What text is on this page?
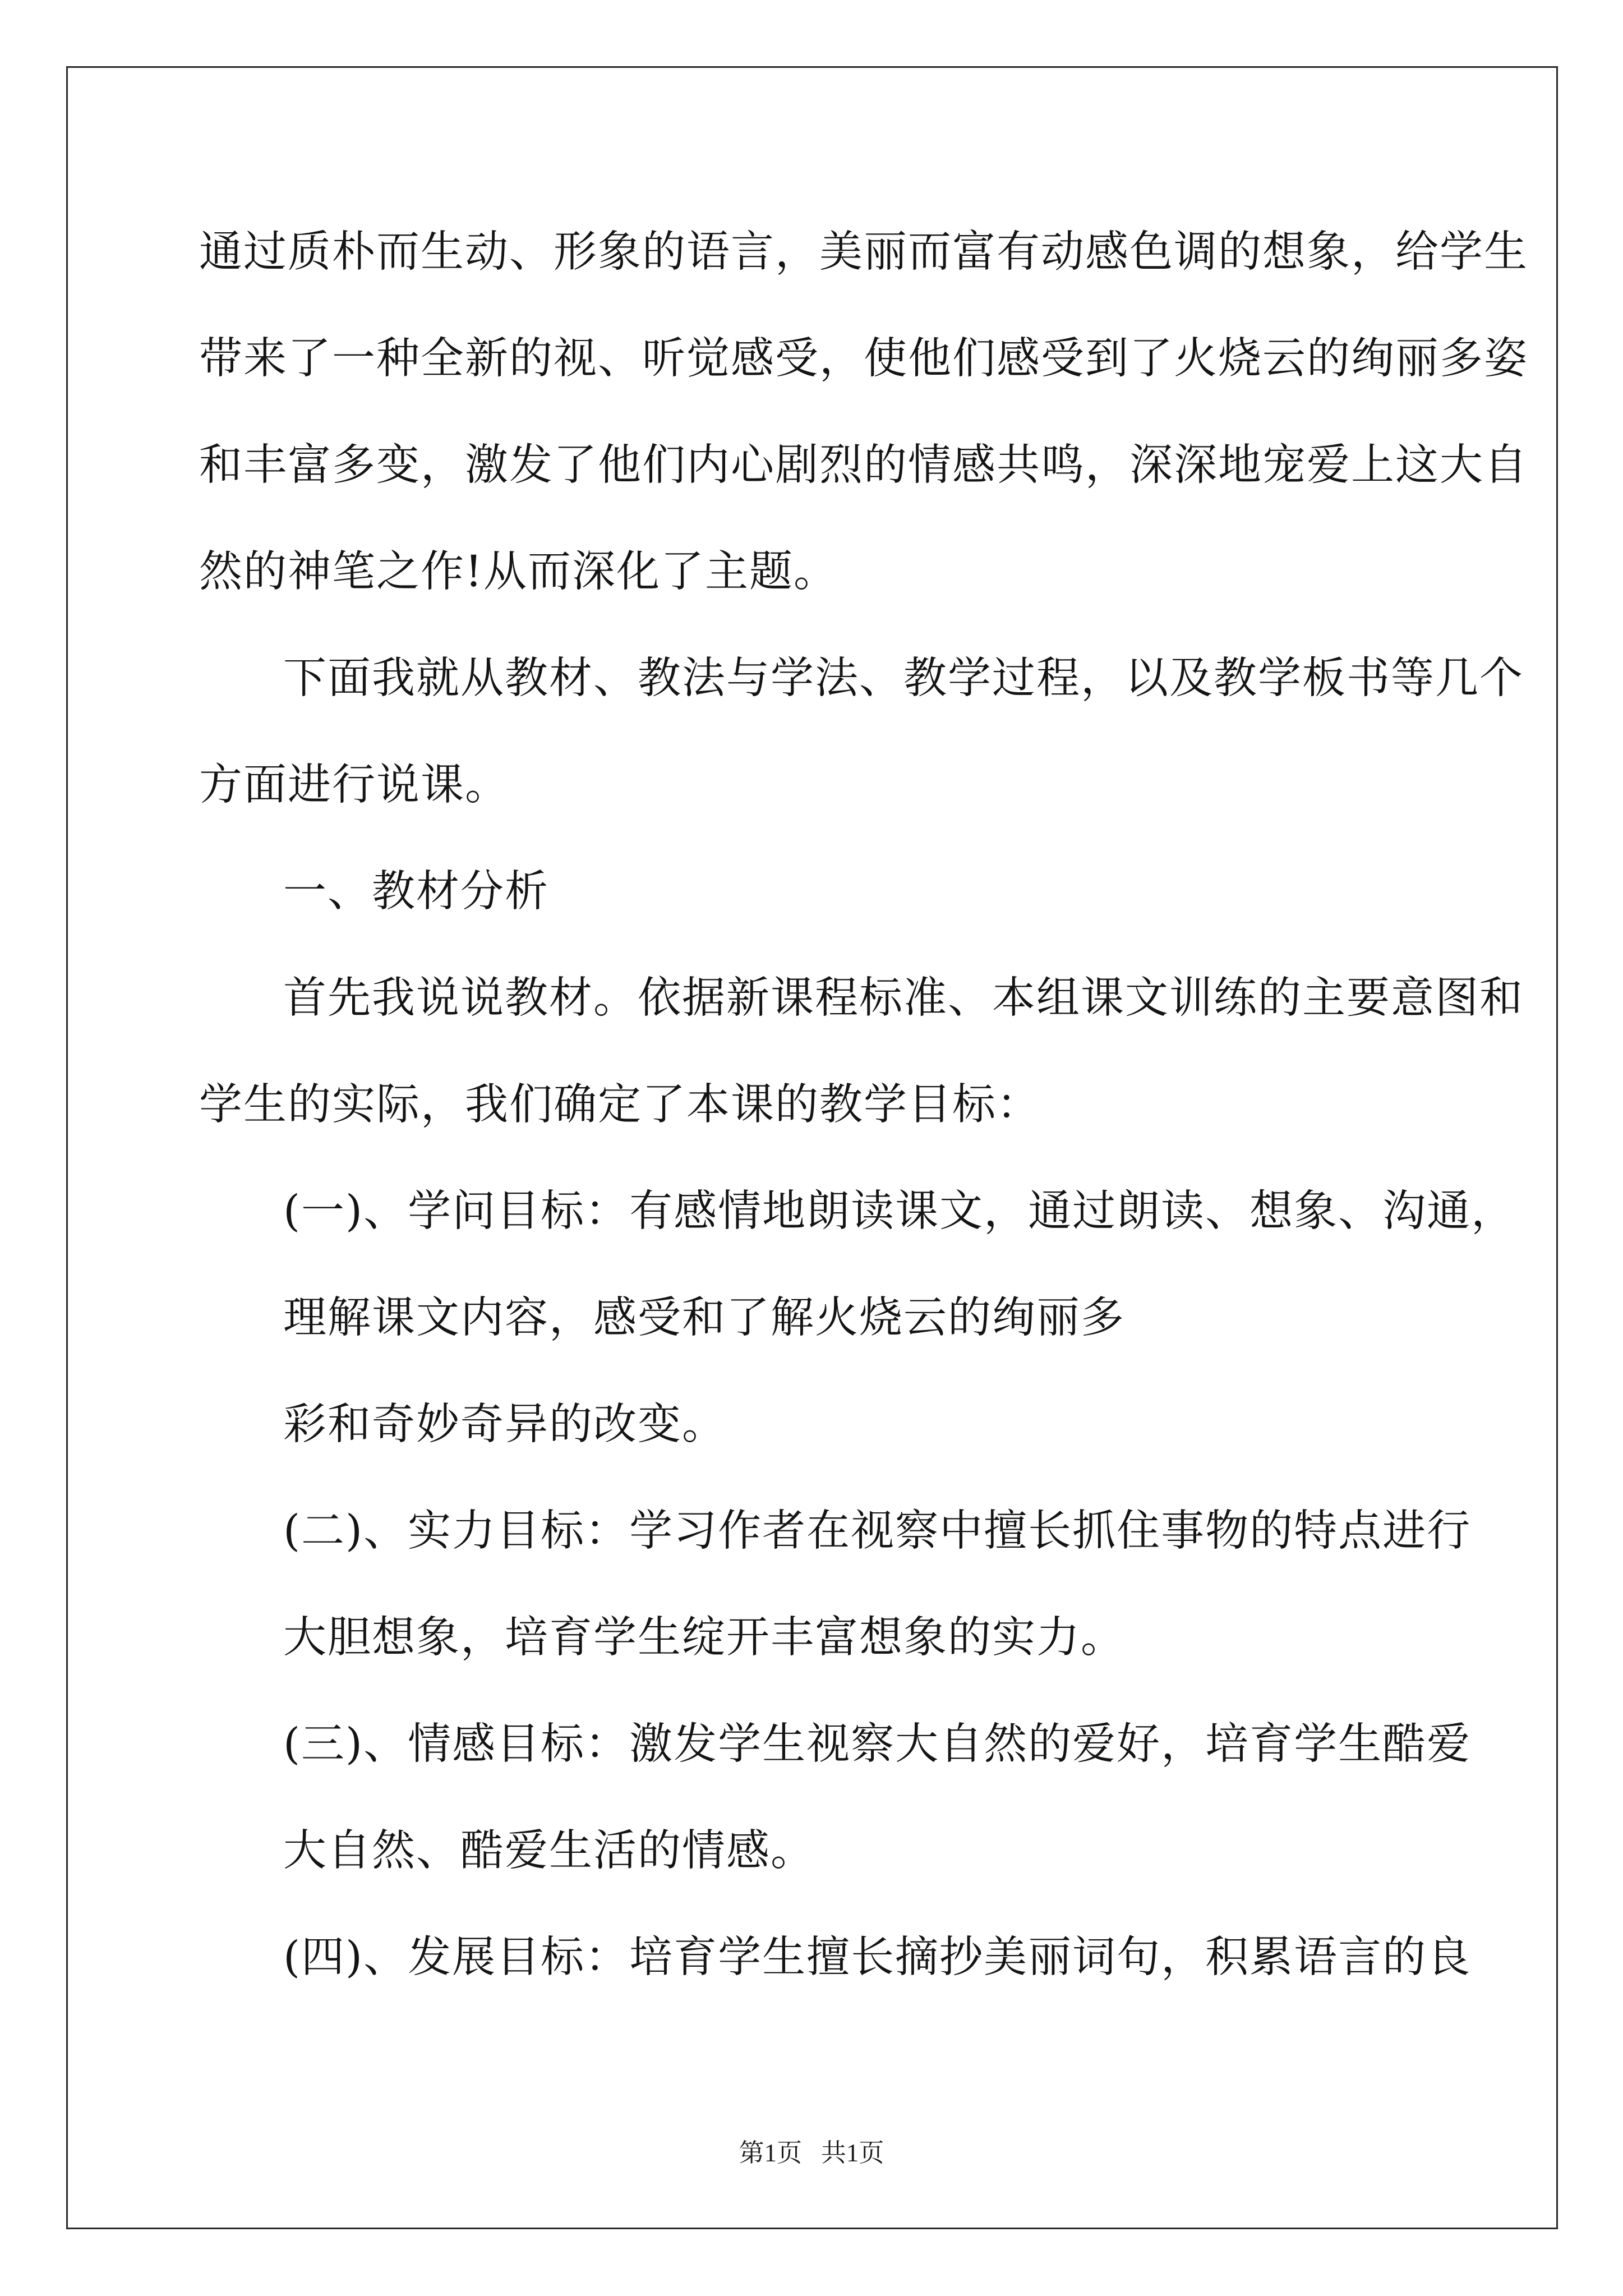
通过质朴而生动、形象的语言，美丽而富有动感色调的想象，给学生
带来了一种全新的视、听觉感受，使他们感受到了火烧云的绚丽多姿
和丰富多变，激发了他们内心剧烈的情感共鸣，深深地宠爱上这大自
然的神笔之作!从而深化了主题。
下面我就从教材、教法与学法、教学过程，以及教学板书等几个
方面进行说课。
一、教材分析
首先我说说教材。依据新课程标准、本组课文训练的主要意图和
学生的实际，我们确定了本课的教学目标：
(一)、学问目标：有感情地朗读课文，通过朗读、想象、沟通，
理解课文内容，感受和了解火烧云的绚丽多
彩和奇妙奇异的改变。
(二)、实力目标：学习作者在视察中擅长抓住事物的特点进行
大胆想象，培育学生绽开丰富想象的实力。
(三)、情感目标：激发学生视察大自然的爱好，培育学生酷爱
大自然、酷爱生活的情感。
(四)、发展目标：培育学生擅长摘抄美丽词句，积累语言的良
第1页   共1页
